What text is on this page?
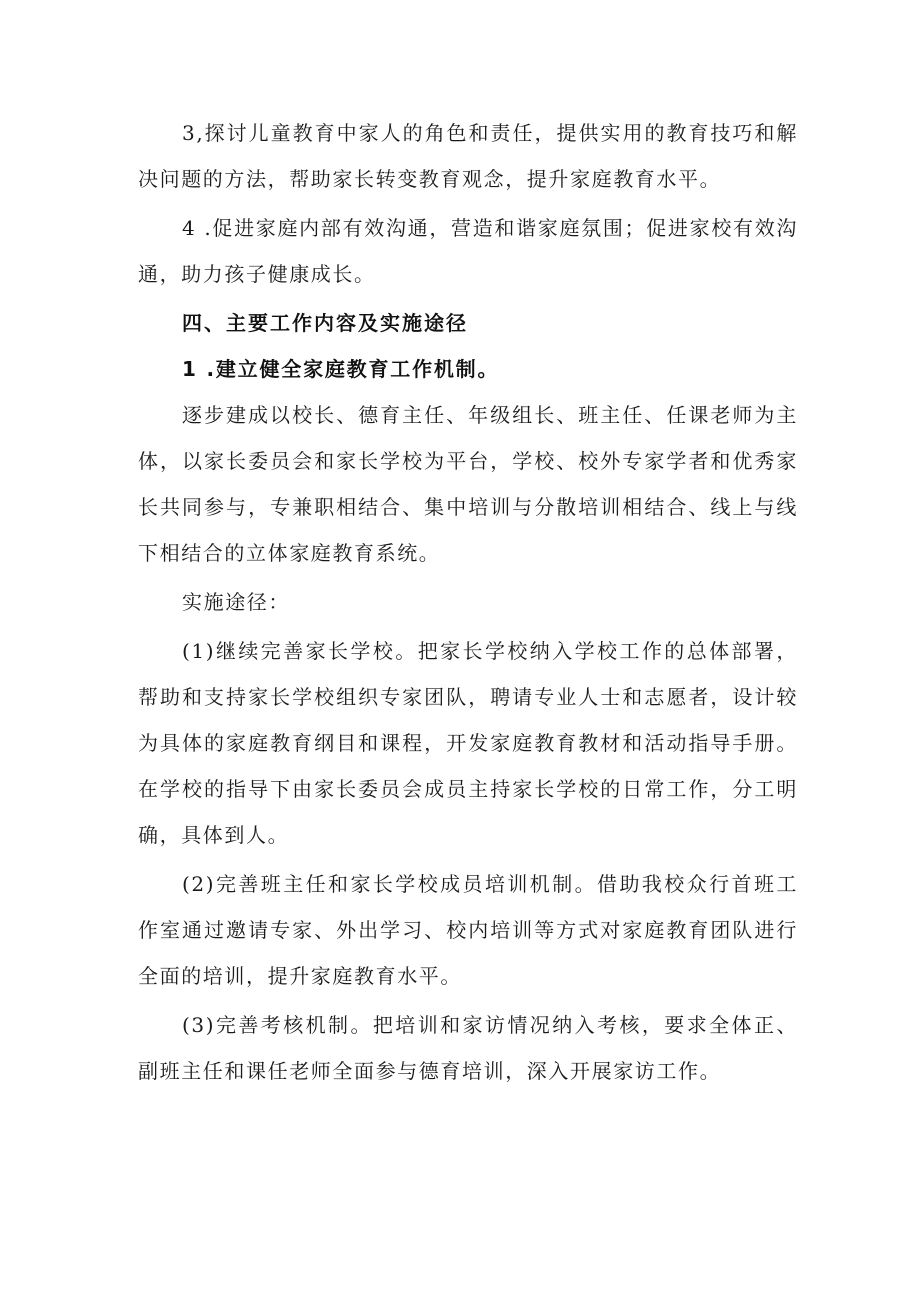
3,探讨儿童教育中家人的角色和责任，提供实用的教育技巧和解决问题的方法，帮助家长转变教育观念，提升家庭教育水平。

4 .促进家庭内部有效沟通，营造和谐家庭氛围；促进家校有效沟通，助力孩子健康成长。

四、主要工作内容及实施途径

1 .建立健全家庭教育工作机制。

逐步建成以校长、德育主任、年级组长、班主任、任课老师为主体，以家长委员会和家长学校为平台，学校、校外专家学者和优秀家长共同参与，专兼职相结合、集中培训与分散培训相结合、线上与线下相结合的立体家庭教育系统。

实施途径：

(1)继续完善家长学校。把家长学校纳入学校工作的总体部署，帮助和支持家长学校组织专家团队，聘请专业人士和志愿者，设计较为具体的家庭教育纲目和课程，开发家庭教育教材和活动指导手册。在学校的指导下由家长委员会成员主持家长学校的日常工作，分工明确，具体到人。

(2)完善班主任和家长学校成员培训机制。借助我校众行首班工作室通过邀请专家、外出学习、校内培训等方式对家庭教育团队进行全面的培训，提升家庭教育水平。

(3)完善考核机制。把培训和家访情况纳入考核，要求全体正、副班主任和课任老师全面参与德育培训，深入开展家访工作。
